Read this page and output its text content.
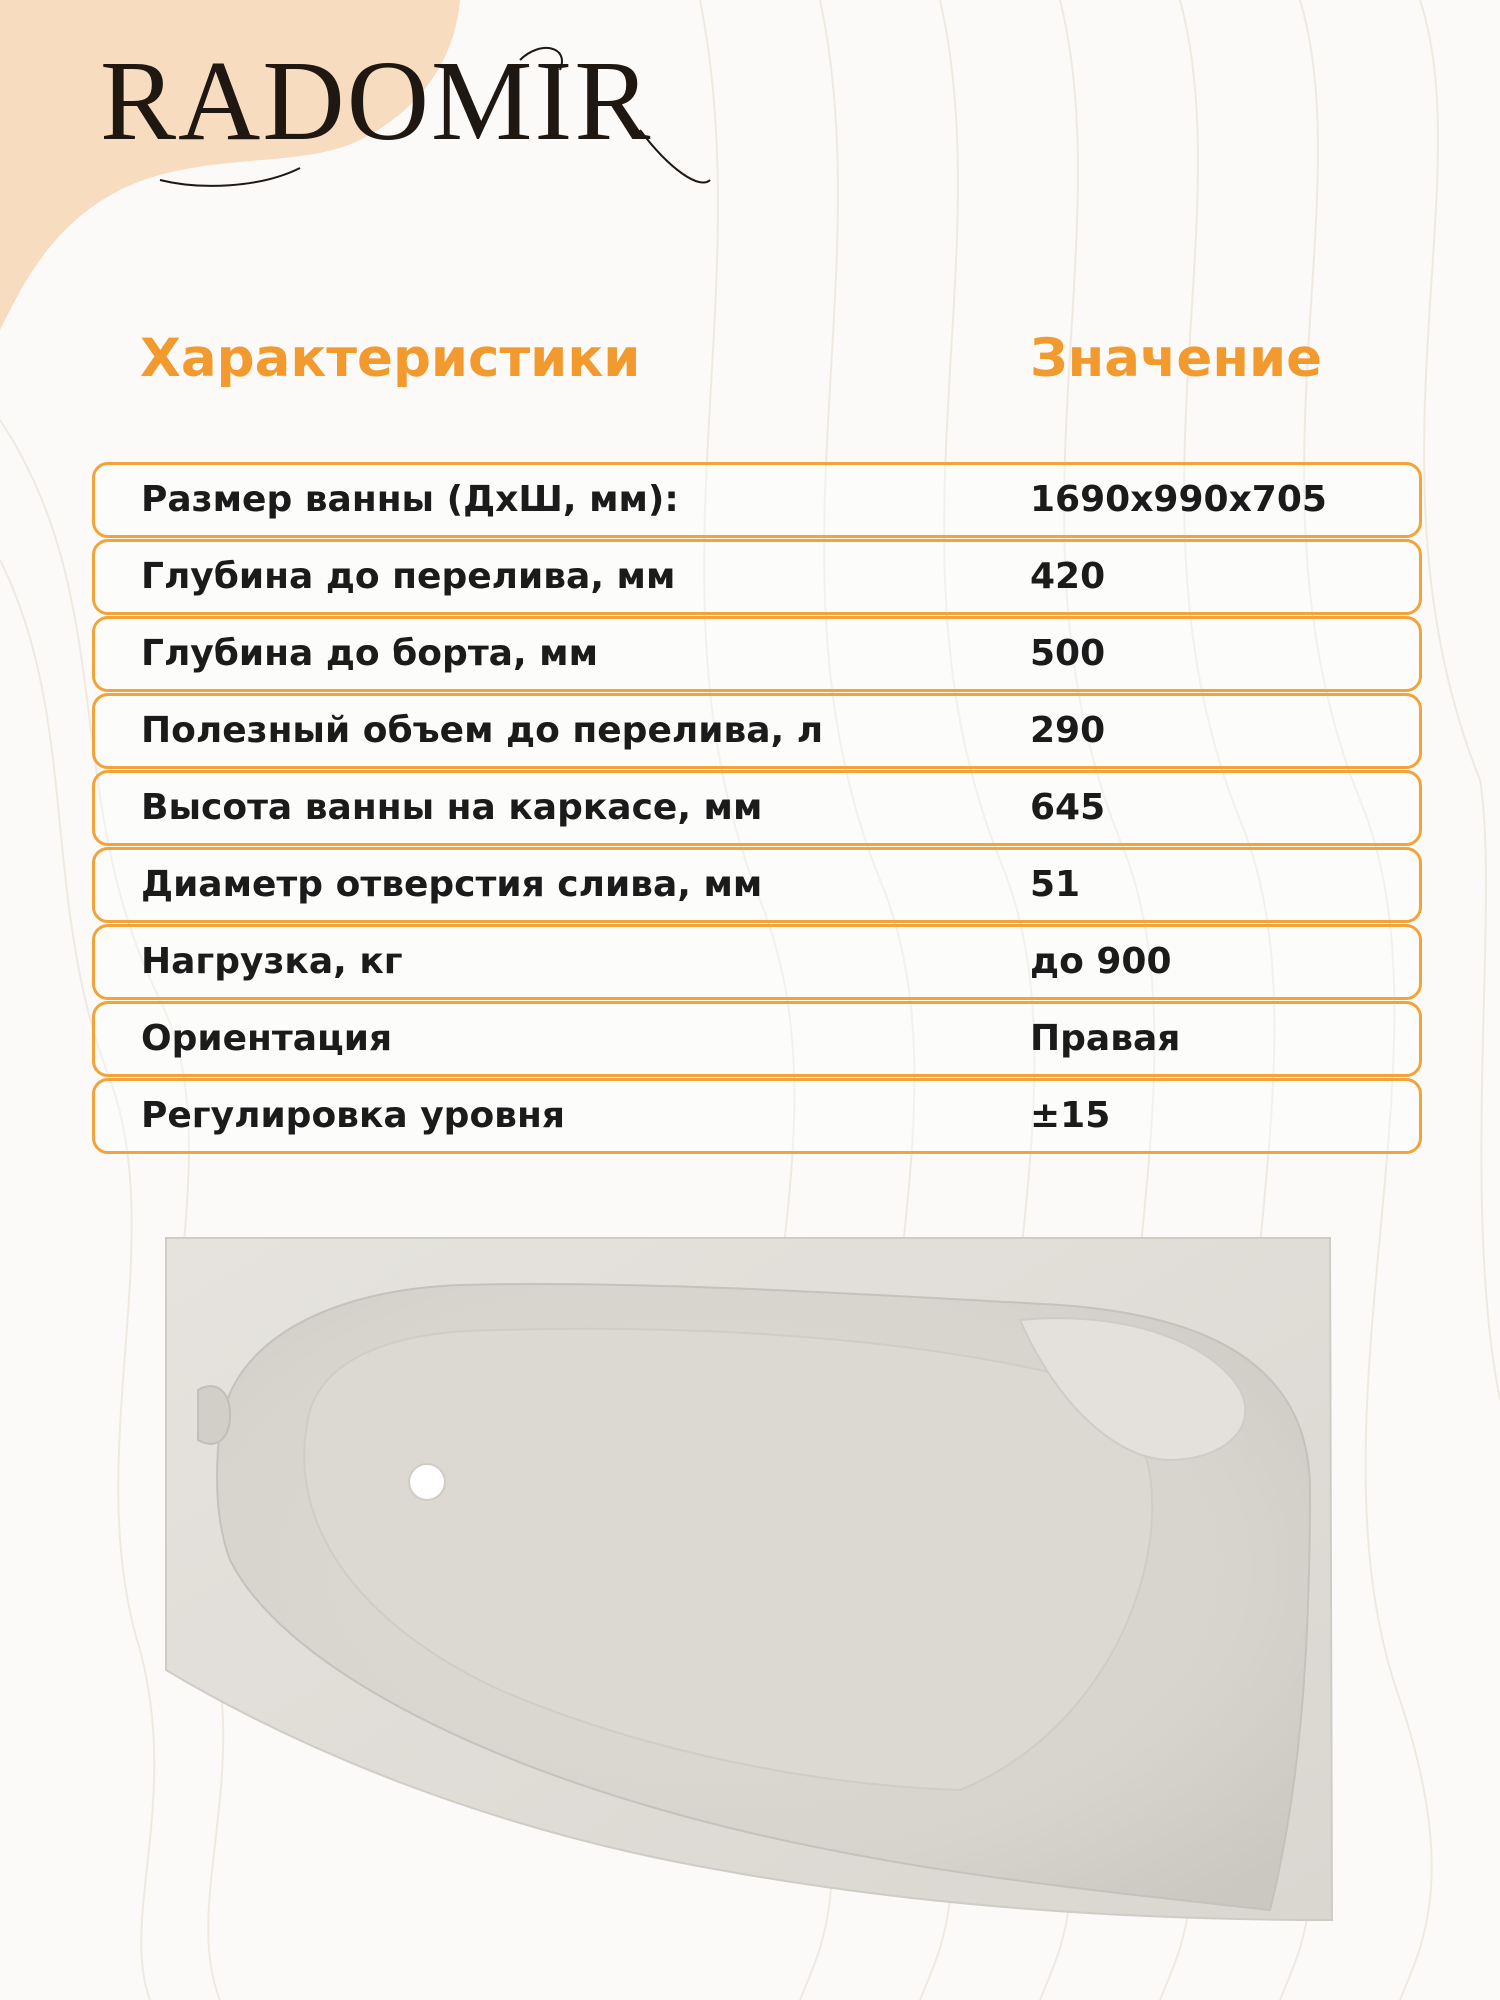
RADOMIR
Характеристики	Значение
Размер ванны (ДхШ, мм):	1690х990х705
Глубина до перелива, мм	420
Глубина до борта, мм	500
Полезный объем до перелива, л	290
Высота ванны на каркасе, мм	645
Диаметр отверстия слива, мм	51
Нагрузка, кг	до 900
Ориентация	Правая
Регулировка уровня	±15
